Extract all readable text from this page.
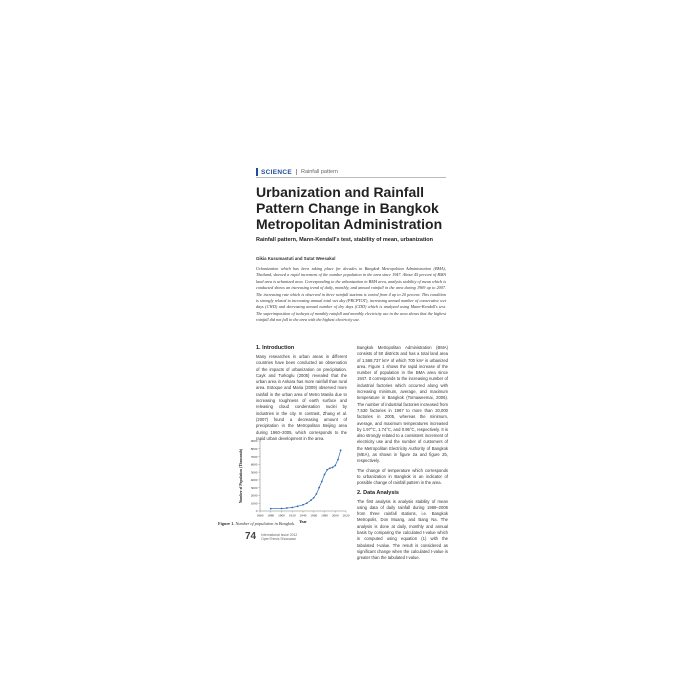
SCIENCE Rainfall pattern
Urbanization and Rainfall Pattern Change in Bangkok Metropolitan Administration
Rainfall pattern, Mann-Kendall's test, stability of mean, urbanization
Gikia Kusumastuti and Sutat Weesakul
Urbanization which has been taking place for decades in Bangkok Metropolitan Administration (BMA), Thailand, showed a rapid increment of the number population in the area since 1947. About 45 percent of BMA land area is urbanized area. Corresponding to the urbanization in BMA area, analysis stability of mean which is conducted shows an increasing trend of daily, monthly, and annual rainfall in the area during 1969 up to 2007. The increasing rate which is observed in three rainfall stations is varied from 4 up to 20 percent. This condition is strongly related to increasing annual total wet day (PRCPTOT), increasing annual number of consecutive wet days (CWD) and decreasing annual number of dry days (CDD) which is analyzed using Mann-Kendall's test. The superimposition of isoheyts of monthly rainfall and monthly electricity use in the area shows that the highest rainfall did not fall in the area with the highest electricity use.
1. Introduction

Many researches in urban areas in different countries have been conducted an observation of the impacts of urbanization on precipitation. Cayk and Turkoglu (2005) revealed that the urban area in Ankara has more rainfall than rural area. Estoque and Maria (2009) observed more rainfall in the urban area of Metro Manila due to increasing roughness of earth surface and releasing cloud condensation nuclei by industries in the city. In contrast, Zhang et al. (2007) found a decreasing amount of precipitation in the Metropolitan Beijing area during 1960–2005, which corresponds to the rapid urban development in the area.

Bangkok Metropolitan Administration (BMA) consists of 50 districts and has a total land area of 1,568,737 km² of which 700 km² is urbanized area. Figure 1 shows the rapid increase of the number of population in the BMA area since 1947. It corresponds to the increasing number of industrial factories which occurred along with increasing minimum, average, and maximum temperature in Bangkok (Tornaweemai, 2006). The number of industrial factories increased from 7,530 factories in 1967 to more than 20,000 factories in 2005, whereas the minimum, average, and maximum temperatures increased by 1.97°C, 1.74°C, and 0.95°C, respectively. It is also strongly related to a consistent increment of electricity use and the number of customers of the Metropolitan Electricity Authority of Bangkok (MEA), as shown in figure 2a and figure 2b, respectively.

The change of temperature which corresponds to urbanization in Bangkok is an indicator of possible change of rainfall pattern in the area.

2. Data Analysis

The first analysis is analysis stability of mean using data of daily rainfall during 1969–2006 from three rainfall stations, i.e. Bangkok Metropolis, Don Muang, and Bang Na. The analysis is done at daily, monthly and annual basis by comparing the calculated t-value which is computed using equation (1) with the tabulated t-value. The result is considered as significant change when the calculated t-value is greater than the tabulated t-value.

0
1000
2000
3000
4000
5000
6000
7000
8000
9000
1860 1880 1900 1920 1940 1960 1980 2000 2020
Year
Number of Population (Thousands)
Figure 1. Number of population in Bangkok.
74 International Issue 2012
OpenThesis Showcase
